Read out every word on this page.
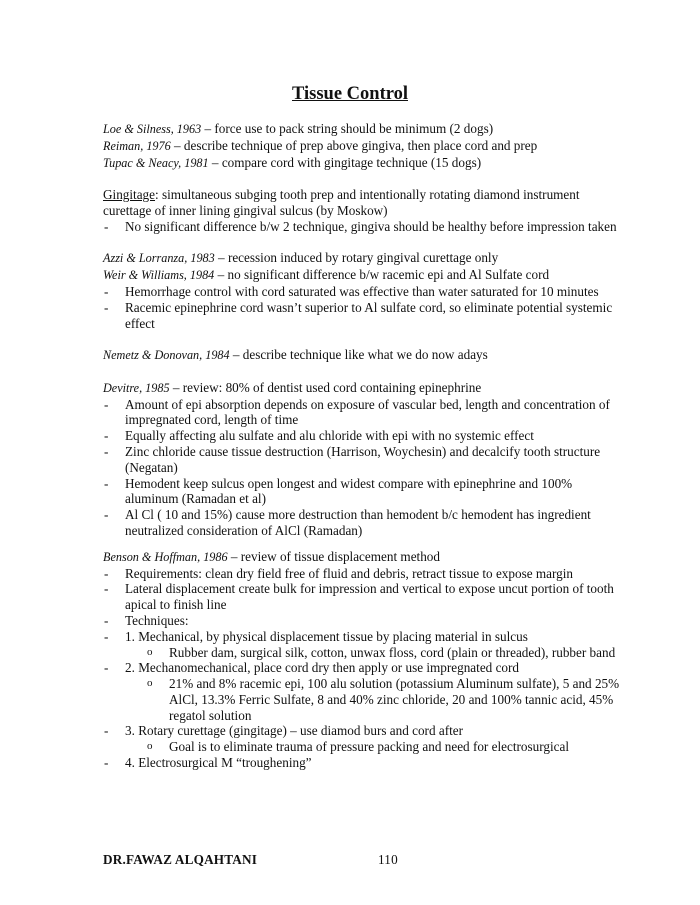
Tissue Control

Loe & Silness, 1963 – force use to pack string should be minimum (2 dogs)

Reiman, 1976 – describe technique of prep above gingiva, then place cord and prep

Tupac & Neacy, 1981 – compare cord with gingitage technique (15 dogs)

Gingitage: simultaneous subging tooth prep and intentionally rotating diamond instrument curettage of inner lining gingival sulcus (by Moskow)

- No significant difference b/w 2 technique, gingiva should be healthy before impression taken

Azzi & Lorranza, 1983 – recession induced by rotary gingival curettage only

Weir & Williams, 1984 – no significant difference b/w racemic epi and Al Sulfate cord

- Hemorrhage control with cord saturated was effective than water saturated for 10 minutes

- Racemic epinephrine cord wasn’t superior to Al sulfate cord, so eliminate potential systemic effect

Nemetz & Donovan, 1984 – describe technique like what we do now adays

Devitre, 1985 – review: 80% of dentist used cord containing epinephrine

- Amount of epi absorption depends on exposure of vascular bed, length and concentration of impregnated cord, length of time

- Equally affecting alu sulfate and alu chloride with epi with no systemic effect

- Zinc chloride cause tissue destruction (Harrison, Woychesin) and decalcify tooth structure (Negatan)

- Hemodent keep sulcus open longest and widest compare with epinephrine and 100% aluminum (Ramadan et al)

- Al Cl ( 10 and 15%) cause more destruction than hemodent b/c hemodent has ingredient neutralized consideration of AlCl (Ramadan)

Benson & Hoffman, 1986 – review of tissue displacement method

- Requirements: clean dry field free of fluid and debris, retract tissue to expose margin

- Lateral displacement create bulk for impression and vertical to expose uncut portion of tooth apical to finish line

- Techniques:

- 1. Mechanical, by physical displacement tissue by placing material in sulcus

o Rubber dam, surgical silk, cotton, unwax floss, cord (plain or threaded), rubber band

- 2. Mechanomechanical, place cord dry then apply or use impregnated cord

o 21% and 8% racemic epi, 100 alu solution (potassium Aluminum sulfate), 5 and 25% AlCl, 13.3% Ferric Sulfate, 8 and 40% zinc chloride, 20 and 100% tannic acid, 45% regatol solution

- 3. Rotary curettage (gingitage) – use diamod burs and cord after

o Goal is to eliminate trauma of pressure packing and need for electrosurgical

- 4. Electrosurgical M “troughening”

DR.FAWAZ ALQAHTANI	110
